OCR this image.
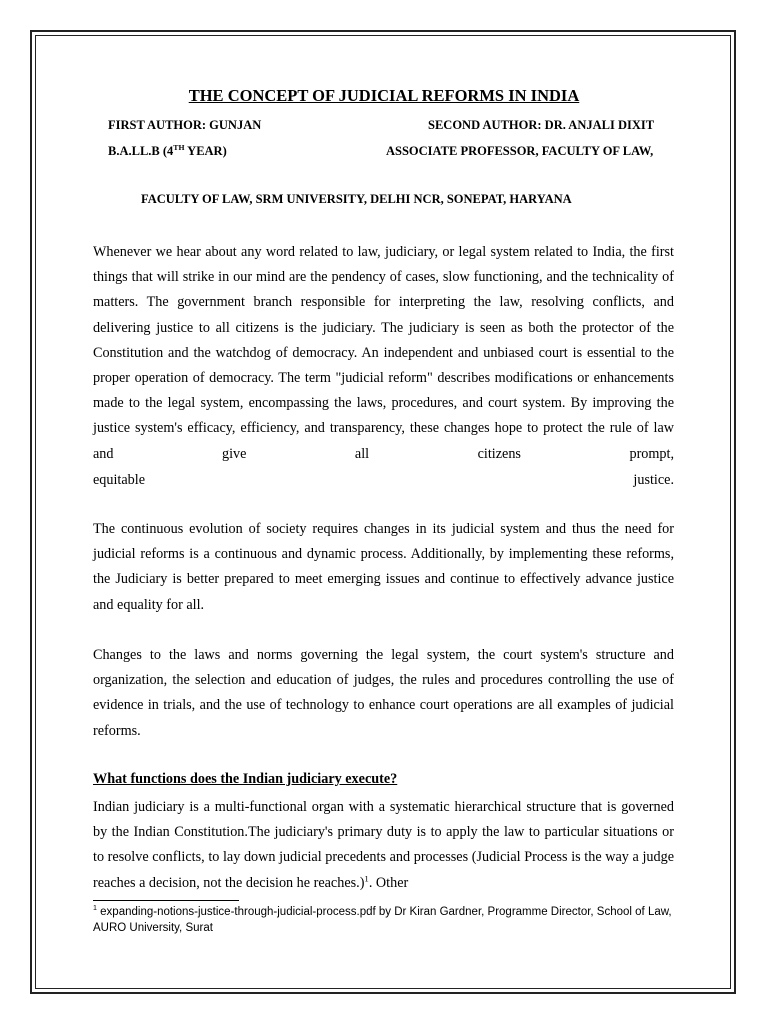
THE CONCEPT OF JUDICIAL REFORMS IN INDIA
FIRST AUTHOR: GUNJAN	SECOND AUTHOR: DR. ANJALI DIXIT
B.A.LL.B (4TH YEAR)	ASSOCIATE PROFESSOR, FACULTY OF LAW,
FACULTY OF LAW, SRM UNIVERSITY, DELHI NCR, SONEPAT, HARYANA
Whenever we hear about any word related to law, judiciary, or legal system related to India, the first things that will strike in our mind are the pendency of cases, slow functioning, and the technicality of matters. The government branch responsible for interpreting the law, resolving conflicts, and delivering justice to all citizens is the judiciary. The judiciary is seen as both the protector of the Constitution and the watchdog of democracy. An independent and unbiased court is essential to the proper operation of democracy. The term "judicial reform" describes modifications or enhancements made to the legal system, encompassing the laws, procedures, and court system. By improving the justice system's efficacy, efficiency, and transparency, these changes hope to protect the rule of law and give all citizens prompt,
equitable justice.
The continuous evolution of society requires changes in its judicial system and thus the need for judicial reforms is a continuous and dynamic process. Additionally, by implementing these reforms, the Judiciary is better prepared to meet emerging issues and continue to effectively advance justice and equality for all.
Changes to the laws and norms governing the legal system, the court system's structure and organization, the selection and education of judges, the rules and procedures controlling the use of evidence in trials, and the use of technology to enhance court operations are all examples of judicial reforms.
What functions does the Indian judiciary execute?
Indian judiciary is a multi-functional organ with a systematic hierarchical structure that is governed by the Indian Constitution.The judiciary's primary duty is to apply the law to particular situations or to resolve conflicts, to lay down judicial precedents and processes (Judicial Process is the way a judge reaches a decision, not the decision he reaches.)$^1$. Other
$^1$ expanding-notions-justice-through-judicial-process.pdf by Dr Kiran Gardner, Programme Director, School of Law, AURO University, Surat
